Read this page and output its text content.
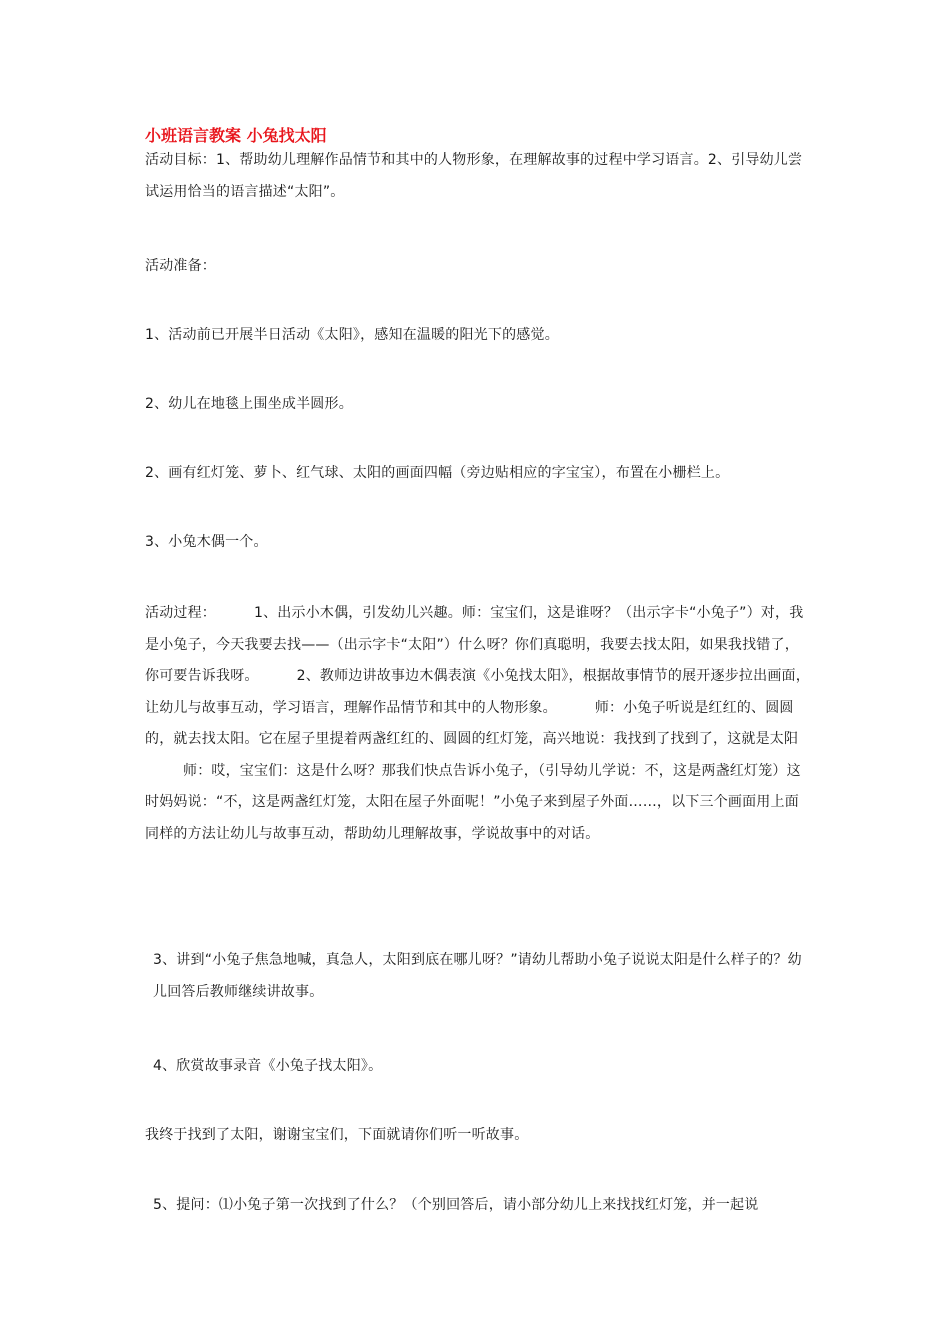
小班语言教案 小兔找太阳

活动目标：1、帮助幼儿理解作品情节和其中的人物形象，在理解故事的过程中学习语言。2、引导幼儿尝试运用恰当的语言描述“太阳”。

活动准备：

1、活动前已开展半日活动《太阳》，感知在温暖的阳光下的感觉。

2、幼儿在地毯上围坐成半圆形。

2、画有红灯笼、萝卜、红气球、太阳的画面四幅（旁边贴相应的字宝宝），布置在小栅栏上。

3、小兔木偶一个。

活动过程：	1、出示小木偶，引发幼儿兴趣。师：宝宝们，这是谁呀？（出示字卡“小兔子”）对，我是小兔子，今天我要去找——（出示字卡“太阳”）什么呀？你们真聪明，我要去找太阳，如果我找错了，你可要告诉我呀。	2、教师边讲故事边木偶表演《小兔找太阳》，根据故事情节的展开逐步拉出画面，让幼儿与故事互动，学习语言，理解作品情节和其中的人物形象。	师：小兔子听说是红红的、圆圆的，就去找太阳。它在屋子里提着两盏红红的、圆圆的红灯笼，高兴地说：我找到了找到了，这就是太阳师：哎，宝宝们：这是什么呀？那我们快点告诉小兔子，（引导幼儿学说：不，这是两盏红灯笼）这时妈妈说：“不，这是两盏红灯笼，太阳在屋子外面呢！”小兔子来到屋子外面……，以下三个画面用上面同样的方法让幼儿与故事互动，帮助幼儿理解故事，学说故事中的对话。

3、讲到“小兔子焦急地喊，真急人，太阳到底在哪儿呀？”请幼儿帮助小兔子说说太阳是什么样子的？幼儿回答后教师继续讲故事。

4、欣赏故事录音《小兔子找太阳》。

我终于找到了太阳，谢谢宝宝们，下面就请你们听一听故事。

5、提问：⑴小兔子第一次找到了什么？（个别回答后，请小部分幼儿上来找找红灯笼，并一起说
